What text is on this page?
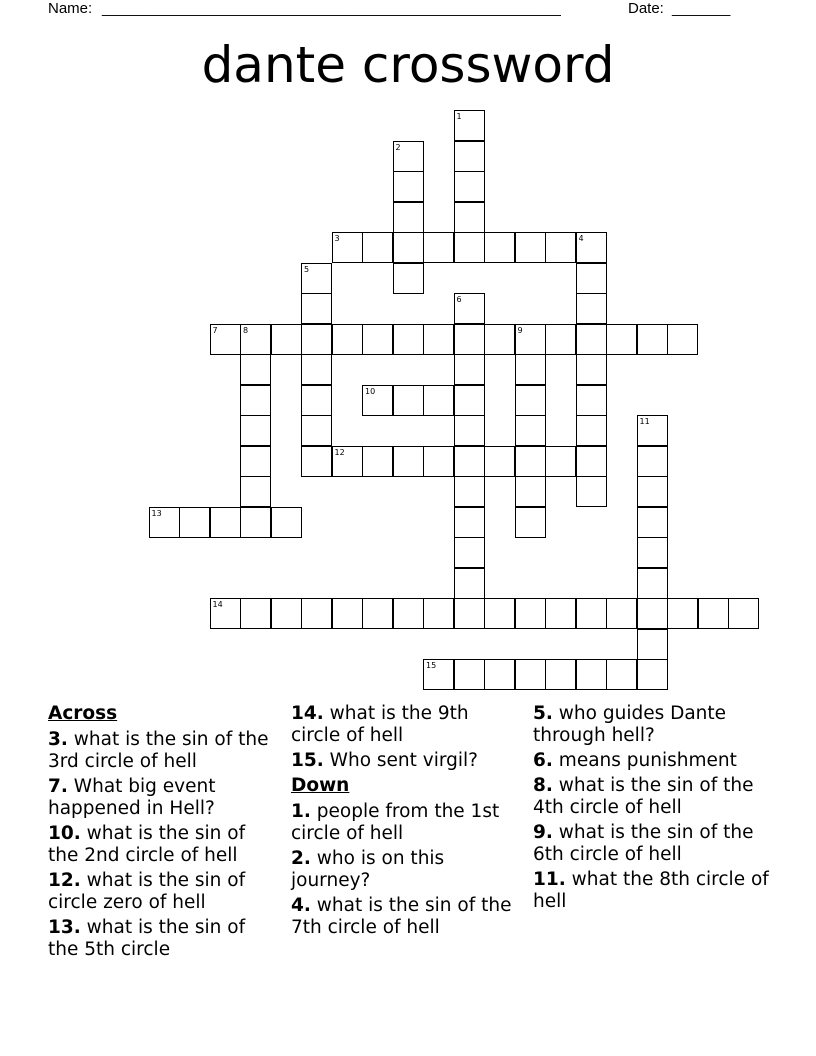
Name: _______________________________________________________	Date: _______
dante crossword
1
2
3	4
5
6
7	8	9
10
11
12
13
14
15
Across
3. what is the sin of the 3rd circle of hell
7. What big event happened in Hell?
10. what is the sin of the 2nd circle of hell
12. what is the sin of circle zero of hell
13. what is the sin of the 5th circle
14. what is the 9th circle of hell
15. Who sent virgil?
Down
1. people from the 1st circle of hell
2. who is on this journey?
4. what is the sin of the 7th circle of hell
5. who guides Dante through hell?
6. means punishment
8. what is the sin of the 4th circle of hell
9. what is the sin of the 6th circle of hell
11. what the 8th circle of hell
